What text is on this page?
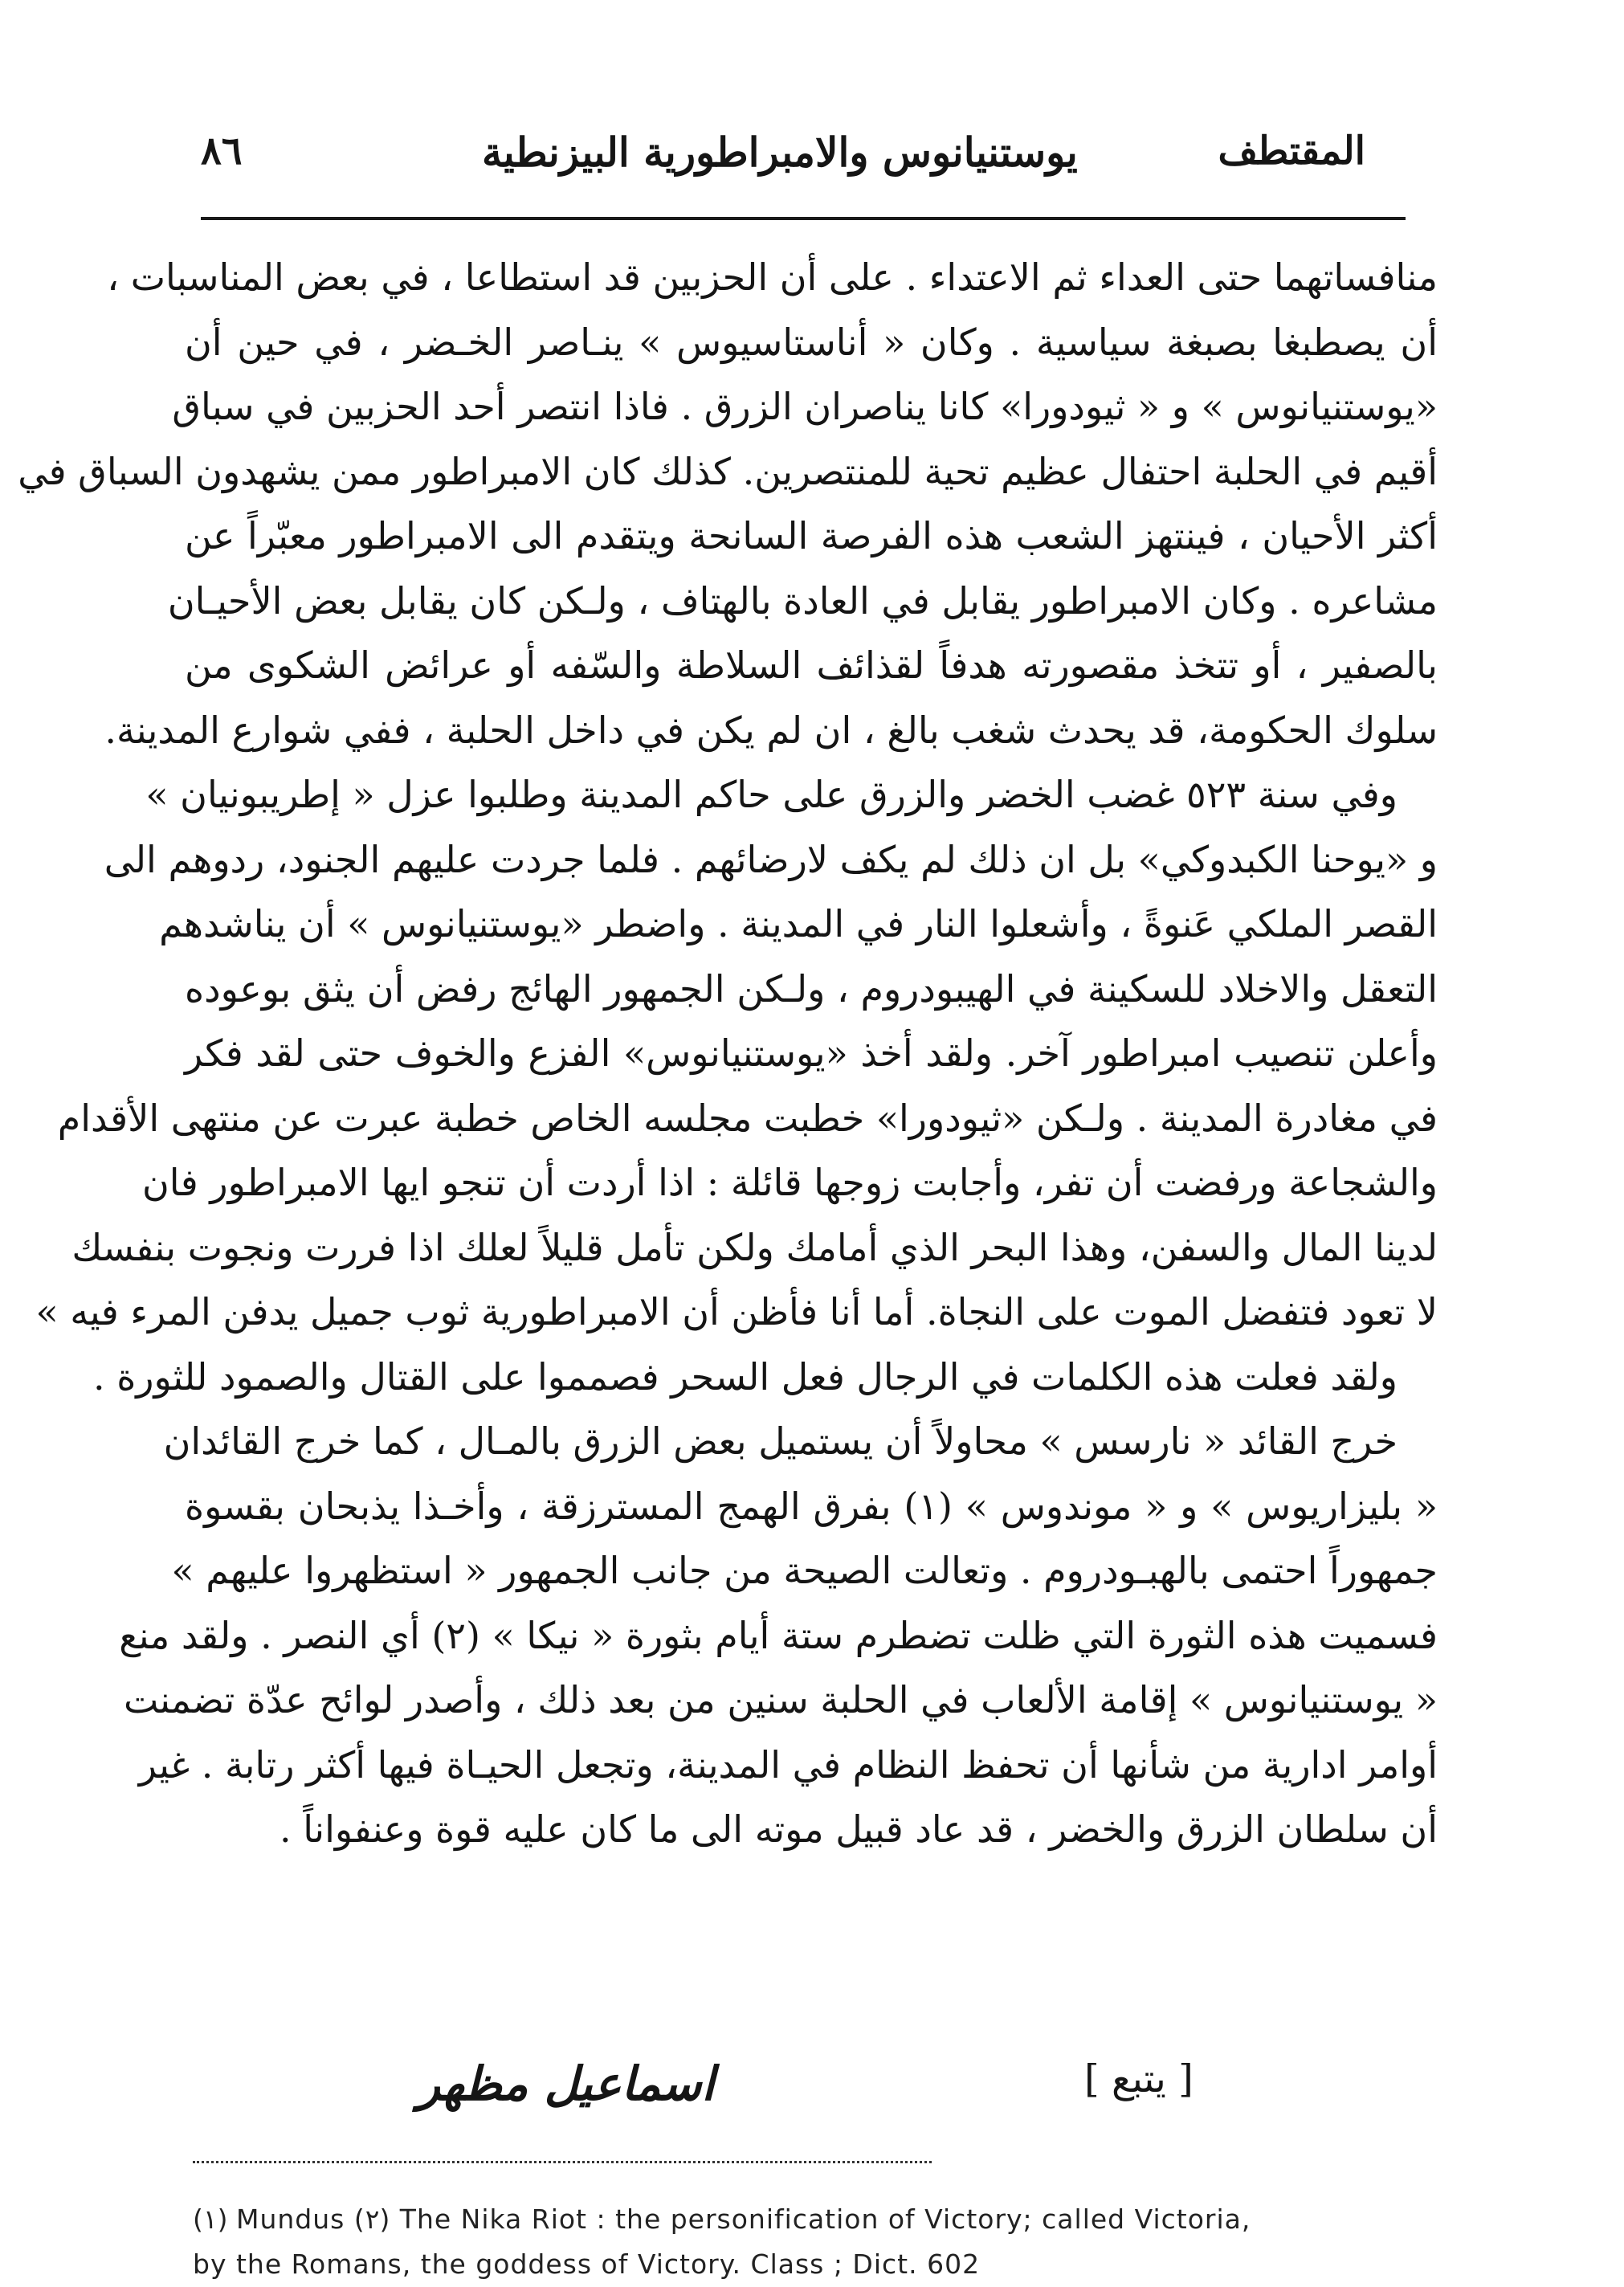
٨٦	يوستنيانوس والامبراطورية البيزنطية	المقتطف
منافساتهما حتى العداء ثم الاعتداء . على أن الحزبين قد استطاعا ، في بعض المناسبات ،
أن يصطبغا بصبغة سياسية . وكان « أناستاسيوس » ينـاصر الخـضر ، في حين أن
«يوستنيانوس » و « ثيودورا» كانا يناصران الزرق . فاذا انتصر أحد الحزبين في سباق
أقيم في الحلبة احتفال عظيم تحية للمنتصرين. كذلك كان الامبراطور ممن يشهدون السباق في
أكثر الأحيان ، فينتهز الشعب هذه الفرصة السانحة ويتقدم الى الامبراطور معبّراً عن
مشاعره . وكان الامبراطور يقابل في العادة بالهتاف ، ولـكن كان يقابل بعض الأحيـان
بالصفير ، أو تتخذ مقصورته هدفاً لقذائف السلاطة والسّفه أو عرائض الشكوى من
سلوك الحكومة، قد يحدث شغب بالغ ، ان لم يكن في داخل الحلبة ، ففي شوارع المدينة.
وفي سنة ٥٢٣ غضب الخضر والزرق على حاكم المدينة وطلبوا عزل « إطريبونيان »
و «يوحنا الكبدوكي» بل ان ذلك لم يكف لارضائهم . فلما جردت عليهم الجنود، ردوهم الى
القصر الملكي عَنوةً ، وأشعلوا النار في المدينة . واضطر «يوستنيانوس » أن يناشدهم
التعقل والاخلاد للسكينة في الهيبودروم ، ولـكن الجمهور الهائج رفض أن يثق بوعوده
وأعلن تنصيب امبراطور آخر. ولقد أخذ «يوستنيانوس» الفزع والخوف حتى لقد فكر
في مغادرة المدينة . ولـكن «ثيودورا» خطبت مجلسه الخاص خطبة عبرت عن منتهى الأقدام
والشجاعة ورفضت أن تفر، وأجابت زوجها قائلة : اذا أردت أن تنجو ايها الامبراطور فان
لدينا المال والسفن، وهذا البحر الذي أمامك ولكن تأمل قليلاً لعلك اذا فررت ونجوت بنفسك
لا تعود فتفضل الموت على النجاة. أما أنا فأظن أن الامبراطورية ثوب جميل يدفن المرء فيه »
ولقد فعلت هذه الكلمات في الرجال فعل السحر فصمموا على القتال والصمود للثورة .
خرج القائد « نارسس » محاولاً أن يستميل بعض الزرق بالمـال ، كما خرج القائدان
« بليزاريوس » و « موندوس » (١) بفرق الهمج المسترزقة ، وأخـذا يذبحان بقسوة
جمهوراً احتمى بالهبـودروم . وتعالت الصيحة من جانب الجمهور « استظهروا عليهم »
فسميت هذه الثورة التي ظلت تضطرم ستة أيام بثورة « نيكا » (٢) أي النصر . ولقد منع
« يوستنيانوس » إقامة الألعاب في الحلبة سنين من بعد ذلك ، وأصدر لوائح عدّة تضمنت
أوامر ادارية من شأنها أن تحفظ النظام في المدينة، وتجعل الحيـاة فيها أكثر رتابة . غير
أن سلطان الزرق والخضر ، قد عاد قبيل موته الى ما كان عليه قوة وعنفواناً .
[ يتبع ]
اسماعيل مظهر
(١) Mundus (٢) The Nika Riot : the personification of Victory; called Victoria,
by the Romans, the goddess of Victory. Class ; Dict. 602
